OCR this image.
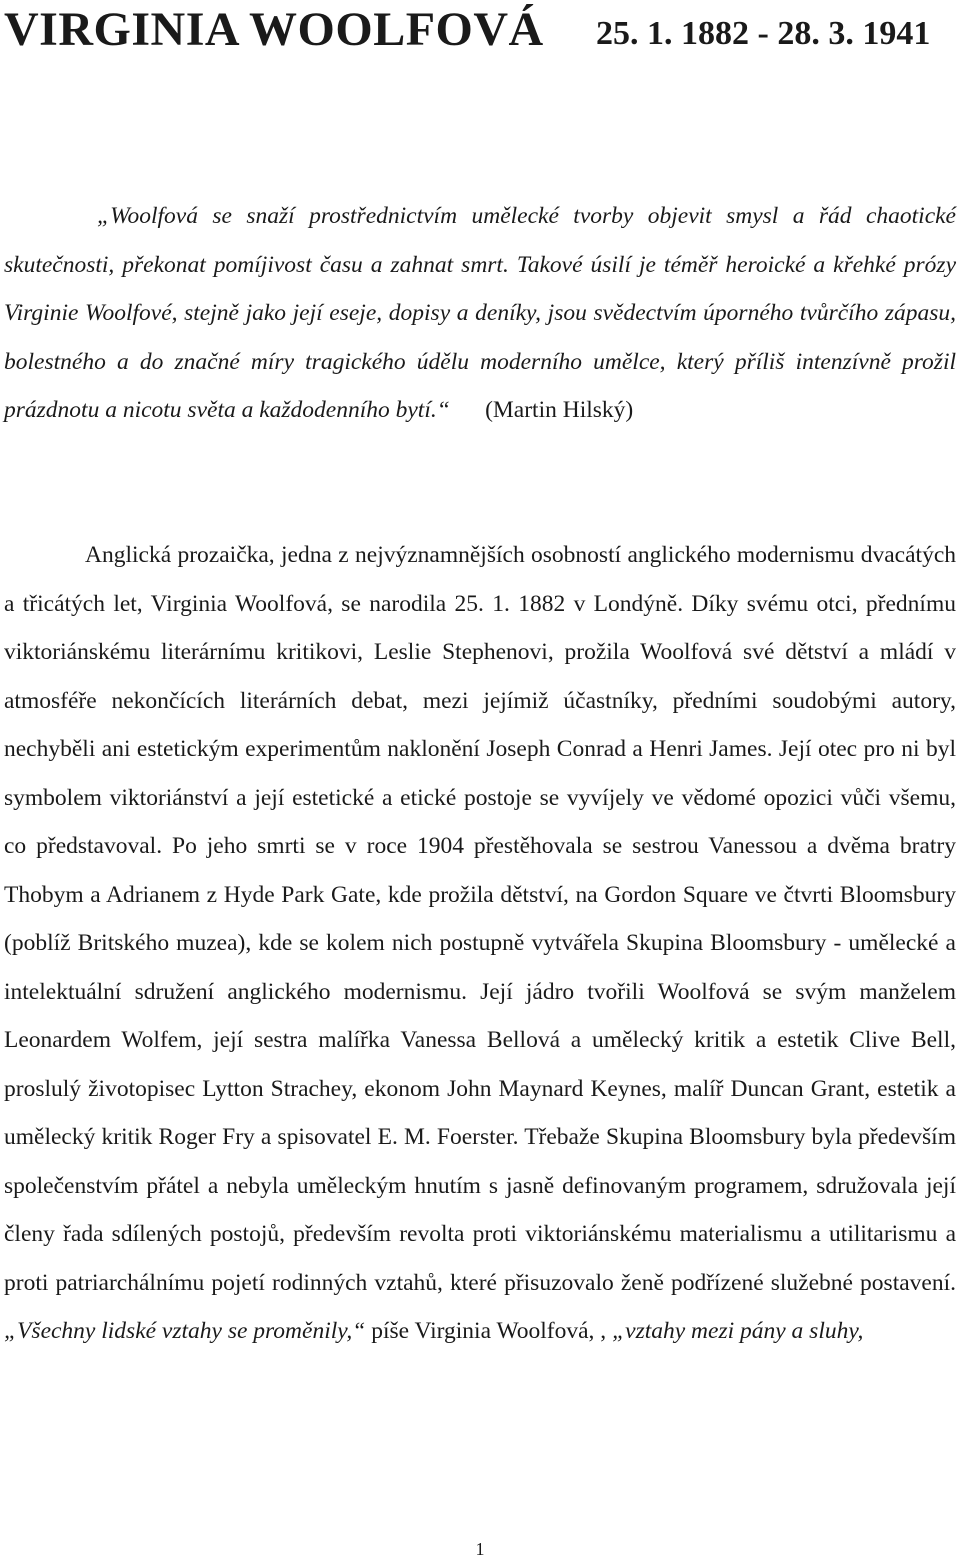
VIRGINIA WOOLFOVÁ 25. 1. 1882 - 28. 3. 1941

„Woolfová se snaží prostřednictvím umělecké tvorby objevit smysl a řád chaotické skutečnosti, překonat pomíjivost času a zahnat smrt. Takové úsilí je téměř heroické a křehké prózy Virginie Woolfové, stejně jako její eseje, dopisy a deníky, jsou svědectvím úporného tvůrčího zápasu, bolestného a do značné míry tragického údělu moderního umělce, který příliš intenzívně prožil prázdnotu a nicotu světa a každodenního bytí.“ (Martin Hilský)

Anglická prozaička, jedna z nejvýznamnějších osobností anglického modernismu dvacátých a třicátých let, Virginia Woolfová, se narodila 25. 1. 1882 v Londýně. Díky svému otci, přednímu viktoriánskému literárnímu kritikovi, Leslie Stephenovi, prožila Woolfová své dětství a mládí v atmosféře nekončících literárních debat, mezi jejímiž účastníky, předními soudobými autory, nechyběli ani estetickým experimentům naklonění Joseph Conrad a Henri James. Její otec pro ni byl symbolem viktoriánství a její estetické a etické postoje se vyvíjely ve vědomé opozici vůči všemu, co představoval. Po jeho smrti se v roce 1904 přestěhovala se sestrou Vanessou a dvěma bratry Thobym a Adrianem z Hyde Park Gate, kde prožila dětství, na Gordon Square ve čtvrti Bloomsbury (poblíž Britského muzea), kde se kolem nich postupně vytvářela Skupina Bloomsbury - umělecké a intelektuální sdružení anglického modernismu. Její jádro tvořili Woolfová se svým manželem Leonardem Wolfem, její sestra malířka Vanessa Bellová a umělecký kritik a estetik Clive Bell, proslulý životopisec Lytton Strachey, ekonom John Maynard Keynes, malíř Duncan Grant, estetik a umělecký kritik Roger Fry a spisovatel E. M. Foerster. Třebaže Skupina Bloomsbury byla především společenstvím přátel a nebyla uměleckým hnutím s jasně definovaným programem, sdružovala její členy řada sdílených postojů, především revolta proti viktoriánskému materialismu a utilitarismu a proti patriarchálnímu pojetí rodinných vztahů, které přisuzovalo ženě podřízené služebné postavení. „Všechny lidské vztahy se proměnily,“ píše Virginia Woolfová, , „vztahy mezi pány a sluhy,

1
